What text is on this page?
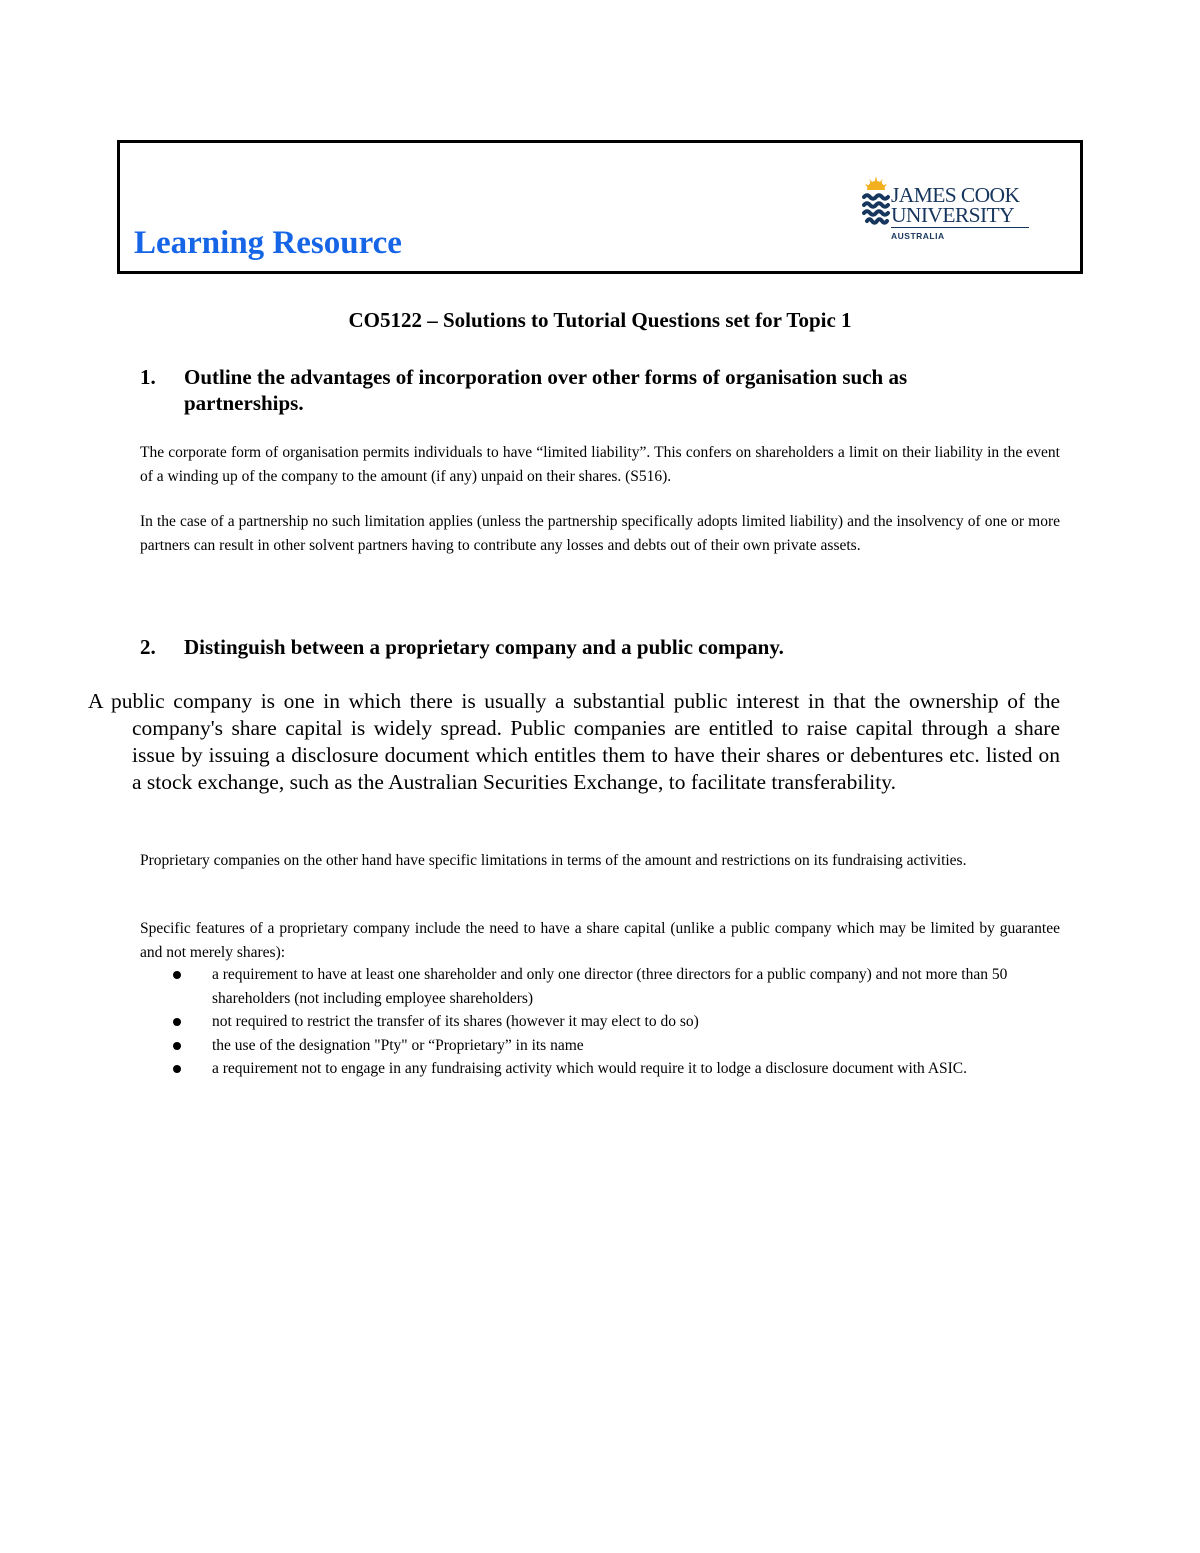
Learning Resource
JAMES COOK
UNIVERSITY
AUSTRALIA
CO5122 – Solutions to Tutorial Questions set for Topic 1
1. Outline the advantages of incorporation over other forms of organisation such as partnerships.

The corporate form of organisation permits individuals to have “limited liability”. This confers on shareholders a limit on their liability in the event of a winding up of the company to the amount (if any) unpaid on their shares. (S516).

In the case of a partnership no such limitation applies (unless the partnership specifically adopts limited liability) and the insolvency of one or more partners can result in other solvent partners having to contribute any losses and debts out of their own private assets.

2. Distinguish between a proprietary company and a public company.

A public company is one in which there is usually a substantial public interest in that the ownership of the company's share capital is widely spread. Public companies are entitled to raise capital through a share issue by issuing a disclosure document which entitles them to have their shares or debentures etc. listed on a stock exchange, such as the Australian Securities Exchange, to facilitate transferability.

Proprietary companies on the other hand have specific limitations in terms of the amount and restrictions on its fundraising activities.

Specific features of a proprietary company include the need to have a share capital (unlike a public company which may be limited by guarantee and not merely shares):

a requirement to have at least one shareholder and only one director (three directors for a public company) and not more than 50 shareholders (not including employee shareholders)
not required to restrict the transfer of its shares (however it may elect to do so)
the use of the designation "Pty" or “Proprietary” in its name
a requirement not to engage in any fundraising activity which would require it to lodge a disclosure document with ASIC.
